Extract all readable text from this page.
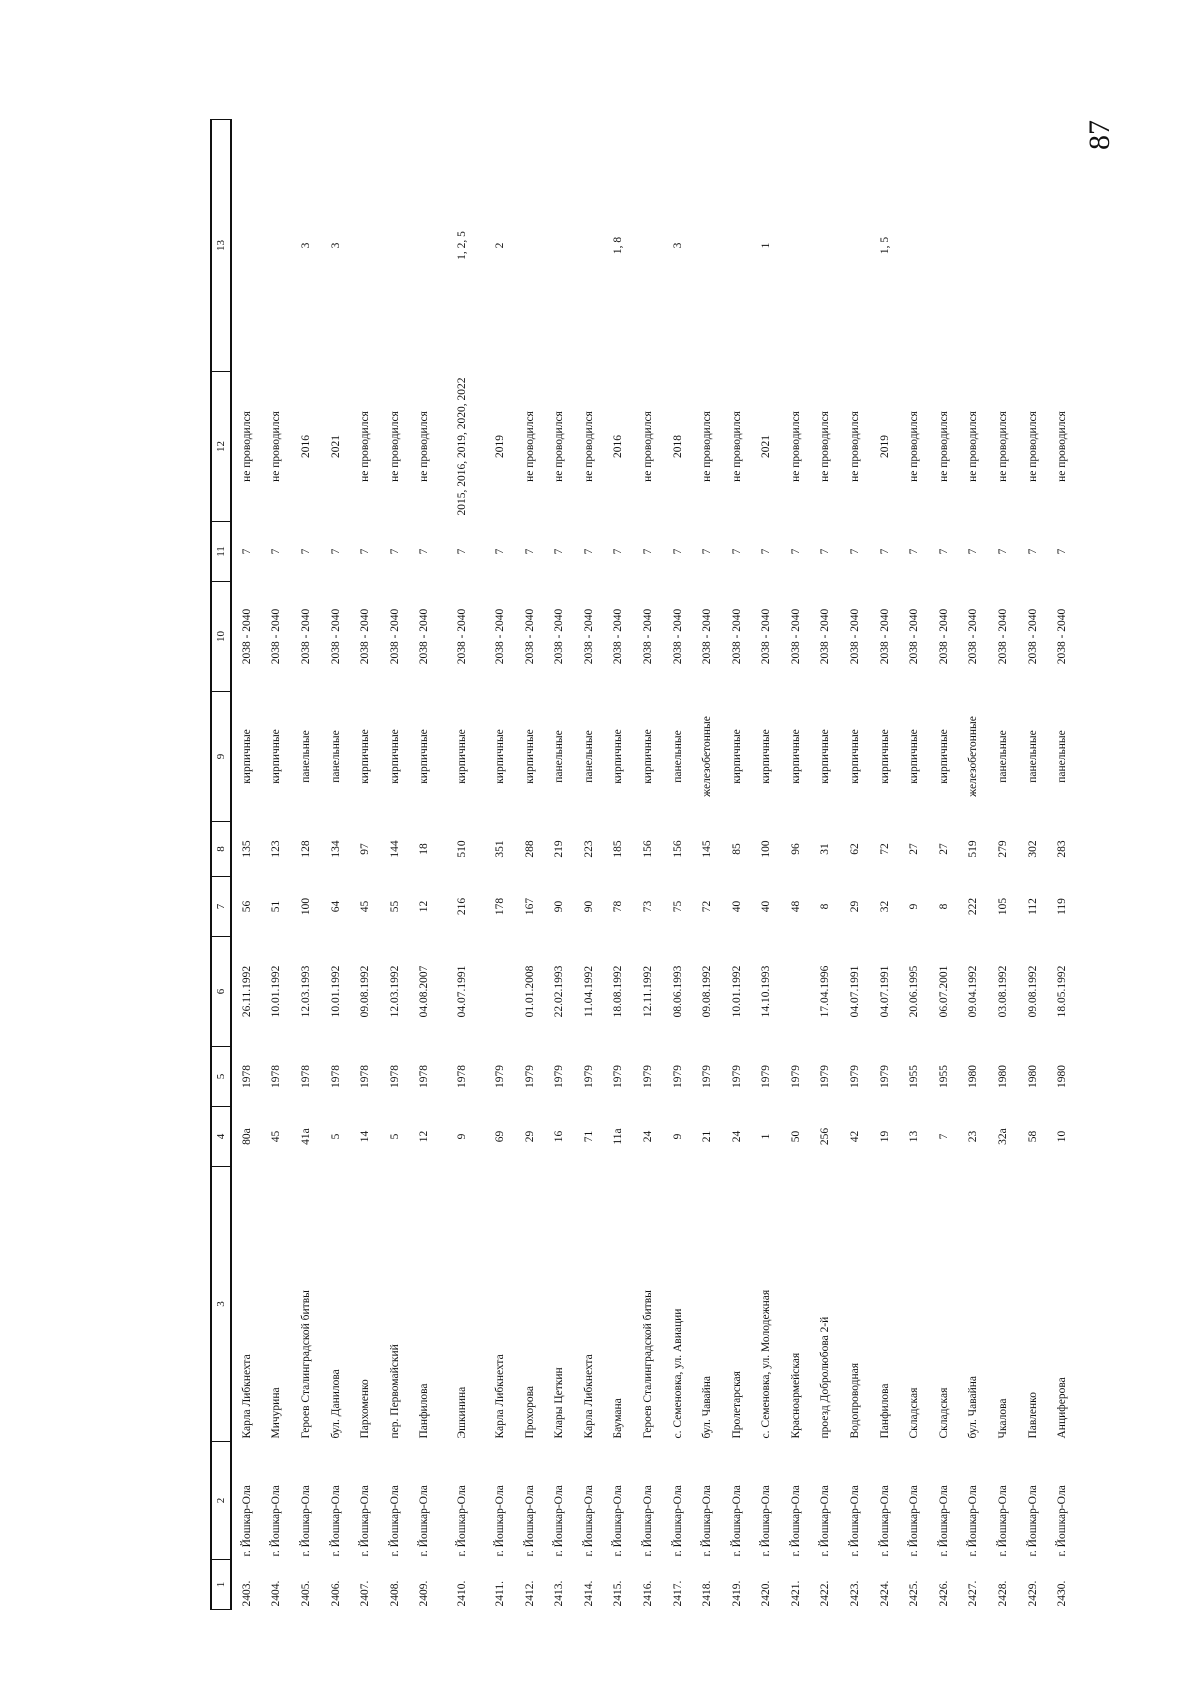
87
1	2	3	4	5	6	7	8	9	10	11	12	13
2403.	г. Йошкар-Ола	Карла Либкнехта	80а	1978	26.11.1992	56	135	кирпичные	2038 - 2040	7	не проводился	
2404.	г. Йошкар-Ола	Мичурина	45	1978	10.01.1992	51	123	кирпичные	2038 - 2040	7	не проводился	
2405.	г. Йошкар-Ола	Героев Сталинградской битвы	41а	1978	12.03.1993	100	128	панельные	2038 - 2040	7	2016	3
2406.	г. Йошкар-Ола	бул. Данилова	5	1978	10.01.1992	64	134	панельные	2038 - 2040	7	2021	3
2407.	г. Йошкар-Ола	Пархоменко	14	1978	09.08.1992	45	97	кирпичные	2038 - 2040	7	не проводился	
2408.	г. Йошкар-Ола	пер. Первомайский	5	1978	12.03.1992	55	144	кирпичные	2038 - 2040	7	не проводился	
2409.	г. Йошкар-Ола	Панфилова	12	1978	04.08.2007	12	18	кирпичные	2038 - 2040	7	не проводился	
2410.	г. Йошкар-Ола	Эшкинина	9	1978	04.07.1991	216	510	кирпичные	2038 - 2040	7	2015, 2016, 2019, 2020, 2022	1, 2, 5
2411.	г. Йошкар-Ола	Карла Либкнехта	69	1979		178	351	кирпичные	2038 - 2040	7	2019	2
2412.	г. Йошкар-Ола	Прохорова	29	1979	01.01.2008	167	288	кирпичные	2038 - 2040	7	не проводился	
2413.	г. Йошкар-Ола	Клары Цеткин	16	1979	22.02.1993	90	219	панельные	2038 - 2040	7	не проводился	
2414.	г. Йошкар-Ола	Карла Либкнехта	71	1979	11.04.1992	90	223	панельные	2038 - 2040	7	не проводился	
2415.	г. Йошкар-Ола	Баумана	11а	1979	18.08.1992	78	185	кирпичные	2038 - 2040	7	2016	1, 8
2416.	г. Йошкар-Ола	Героев Сталинградской битвы	24	1979	12.11.1992	73	156	кирпичные	2038 - 2040	7	не проводился	
2417.	г. Йошкар-Ола	с. Семеновка, ул. Авиации	9	1979	08.06.1993	75	156	панельные	2038 - 2040	7	2018	3
2418.	г. Йошкар-Ола	бул. Чавайна	21	1979	09.08.1992	72	145	железобетонные	2038 - 2040	7	не проводился	
2419.	г. Йошкар-Ола	Пролетарская	24	1979	10.01.1992	40	85	кирпичные	2038 - 2040	7	не проводился	
2420.	г. Йошкар-Ола	с. Семеновка, ул. Молодежная	1	1979	14.10.1993	40	100	кирпичные	2038 - 2040	7	2021	1
2421.	г. Йошкар-Ола	Красноармейская	50	1979		48	96	кирпичные	2038 - 2040	7	не проводился	
2422.	г. Йошкар-Ола	проезд Добролюбова 2-й	256	1979	17.04.1996	8	31	кирпичные	2038 - 2040	7	не проводился	
2423.	г. Йошкар-Ола	Водопроводная	42	1979	04.07.1991	29	62	кирпичные	2038 - 2040	7	не проводился	
2424.	г. Йошкар-Ола	Панфилова	19	1979	04.07.1991	32	72	кирпичные	2038 - 2040	7	2019	1, 5
2425.	г. Йошкар-Ола	Складская	13	1955	20.06.1995	9	27	кирпичные	2038 - 2040	7	не проводился	
2426.	г. Йошкар-Ола	Складская	7	1955	06.07.2001	8	27	кирпичные	2038 - 2040	7	не проводился	
2427.	г. Йошкар-Ола	бул. Чавайна	23	1980	09.04.1992	222	519	железобетонные	2038 - 2040	7	не проводился	
2428.	г. Йошкар-Ола	Чкалова	32а	1980	03.08.1992	105	279	панельные	2038 - 2040	7	не проводился	
2429.	г. Йошкар-Ола	Павленко	58	1980	09.08.1992	112	302	панельные	2038 - 2040	7	не проводился	
2430.	г. Йошкар-Ола	Анциферова	10	1980	18.05.1992	119	283	панельные	2038 - 2040	7	не проводился	
